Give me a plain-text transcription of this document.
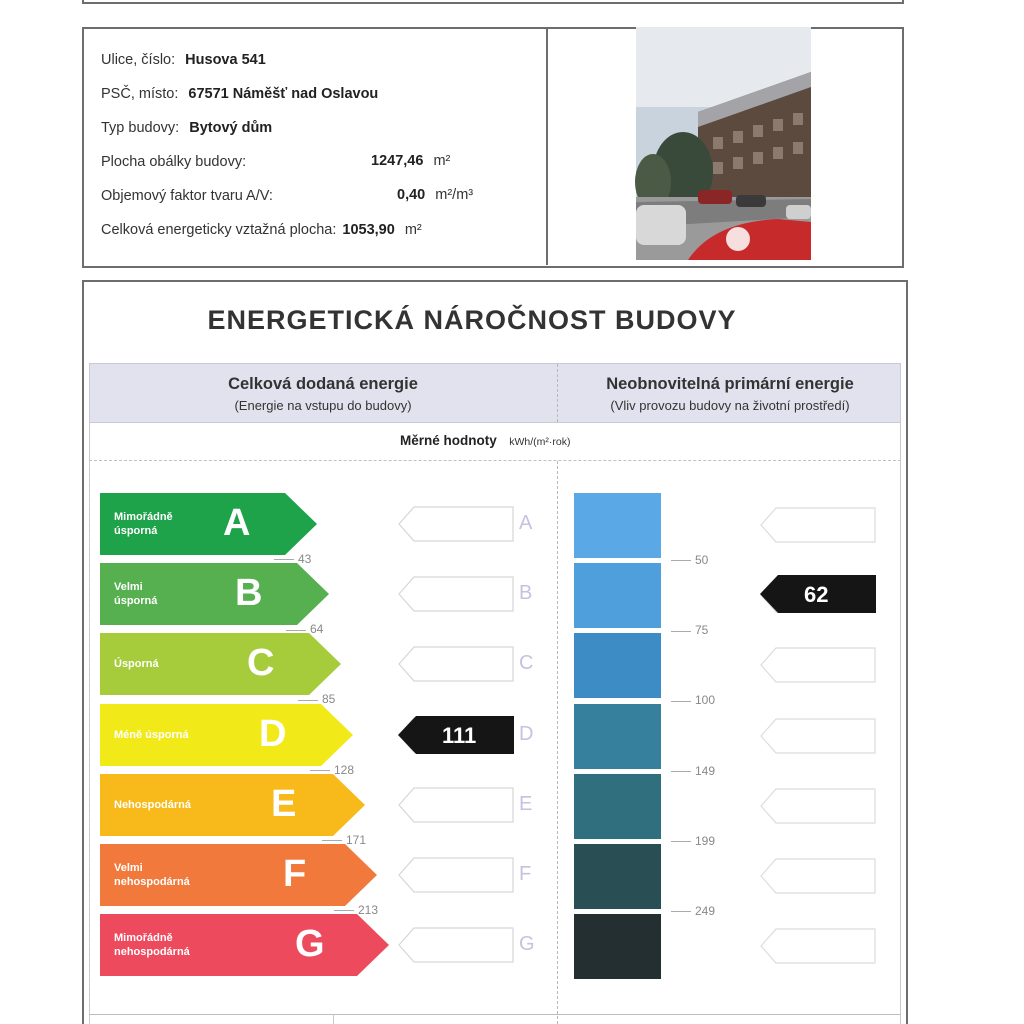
Ulice, číslo: Husova 541
PSČ, místo: 67571 Náměšť nad Oslavou
Typ budovy: Bytový dům
Plocha obálky budovy:	1247,46 m²
Objemový faktor tvaru A/V:	0,40 m²/m³
Celková energeticky vztažná plocha: 1053,90 m²
ENERGETICKÁ NÁROČNOST BUDOVY
Celková dodaná energie
(Energie na vstupu do budovy)
Neobnovitelná primární energie
(Vliv provozu budovy na životní prostředí)
Měrné hodnoty kWh/(m²·rok)
Mimořádně
úsporná	A	A
Velmi
úsporná B	B
Úsporná C	C
Méně úsporná D	D
Nehospodárná E	E
Velmi
nehospodárná F	F
Mimořádně
nehospodárná	G	G
43
64
85
128
171
213
50
75
100
149
199
249
111
62
